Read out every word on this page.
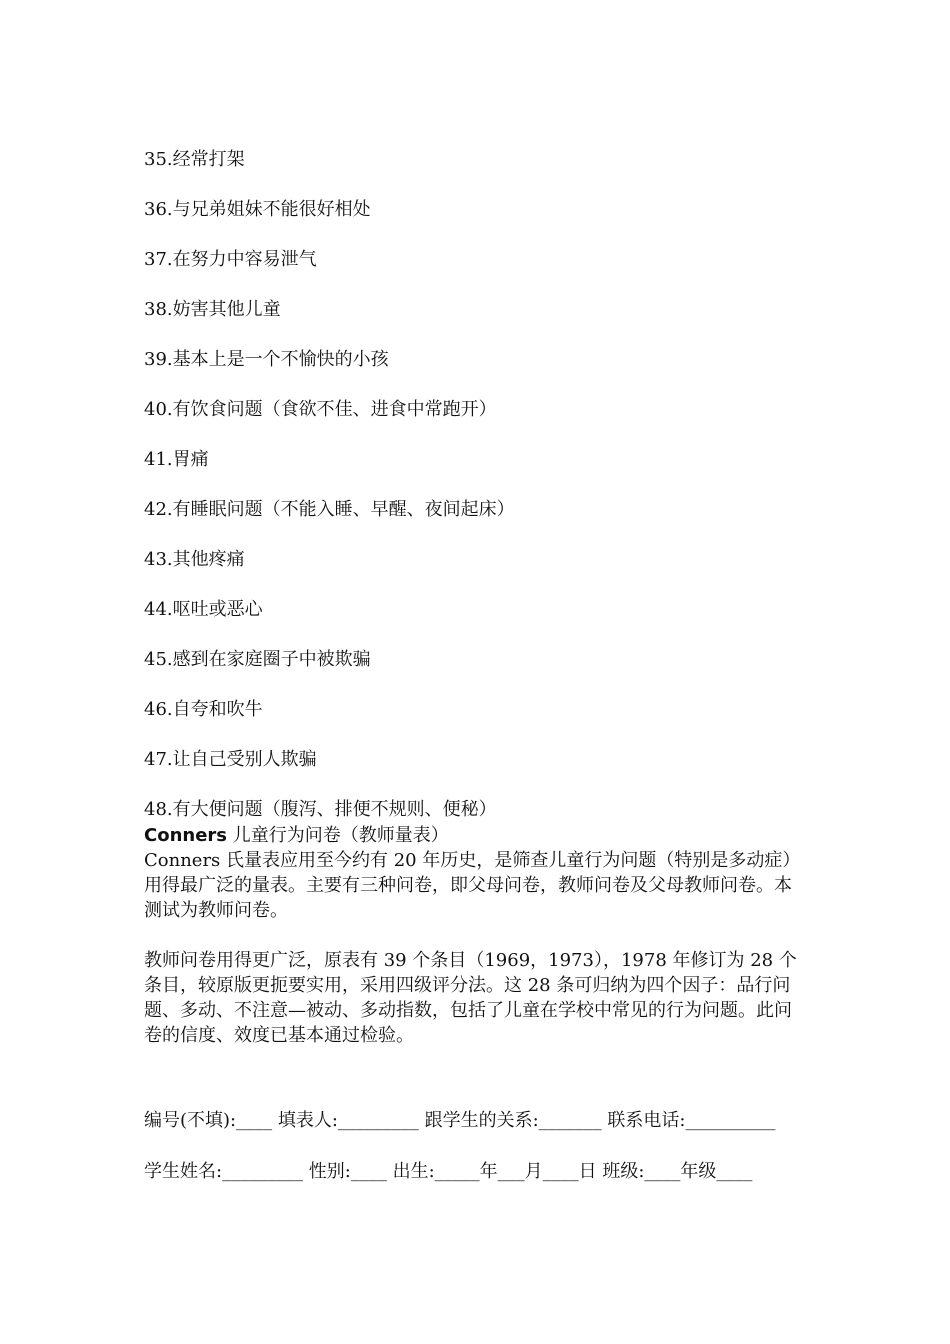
35.经常打架

36.与兄弟姐妹不能很好相处

37.在努力中容易泄气

38.妨害其他儿童

39.基本上是一个不愉快的小孩

40.有饮食问题（食欲不佳、进食中常跑开）

41.胃痛

42.有睡眠问题（不能入睡、早醒、夜间起床）

43.其他疼痛

44.呕吐或恶心

45.感到在家庭圈子中被欺骗

46.自夸和吹牛

47.让自己受别人欺骗

48.有大便问题（腹泻、排便不规则、便秘）

Conners 儿童行为问卷（教师量表）

Conners 氏量表应用至今约有 20 年历史，是筛查儿童行为问题（特别是多动症）用得最广泛的量表。主要有三种问卷，即父母问卷，教师问卷及父母教师问卷。本测试为教师问卷。

教师问卷用得更广泛，原表有 39 个条目（1969，1973），1978 年修订为 28 个条目，较原版更扼要实用，采用四级评分法。这 28 条可归纳为四个因子：品行问题、多动、不注意—被动、多动指数，包括了儿童在学校中常见的行为问题。此问卷的信度、效度已基本通过检验。

编号(不填):____ 填表人:_________ 跟学生的关系:_______ 联系电话:__________

学生姓名:_________ 性别:____ 出生:_____年___月____日 班级:____年级____
